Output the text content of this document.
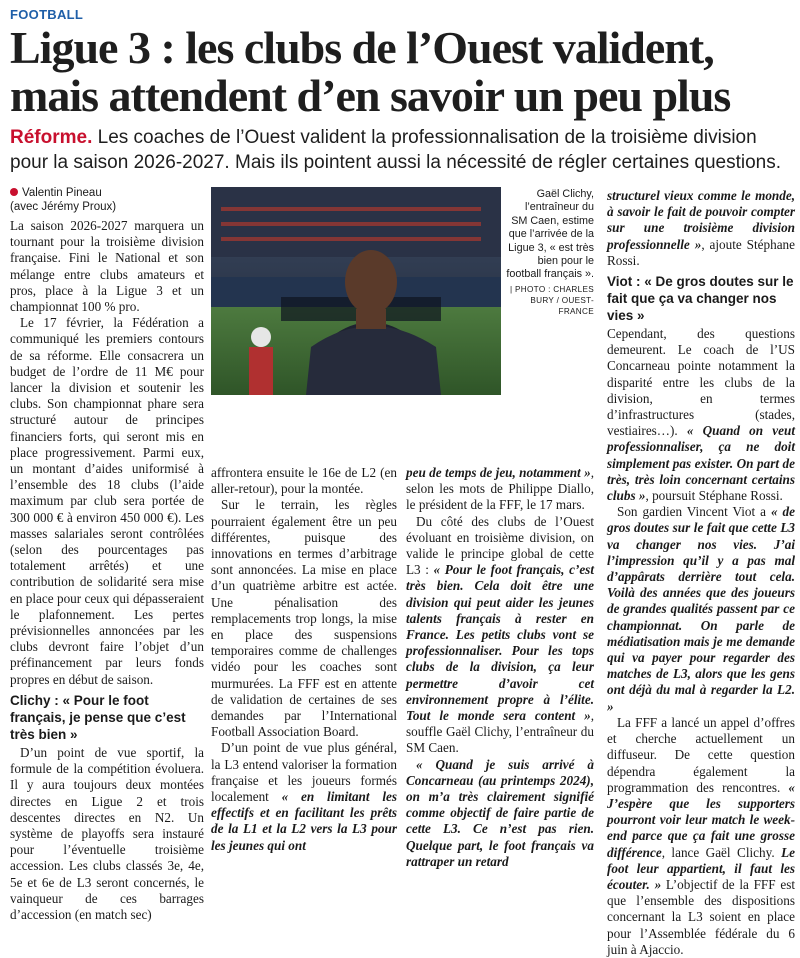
FOOTBALL
Ligue 3 : les clubs de l’Ouest valident,
mais attendent d’en savoir un peu plus
Réforme. Les coaches de l’Ouest valident la professionnalisation de la troisième division pour la saison 2026-2027. Mais ils pointent aussi la nécessité de régler certaines questions.
Valentin Pineau
(avec Jérémy Proux)

La saison 2026-2027 marquera un tournant pour la troisième division française. Fini le National et son mélange entre clubs amateurs et pros, place à la Ligue 3 et un championnat 100 % pro.

Le 17 février, la Fédération a communiqué les premiers contours de sa réforme. Elle consacrera un budget de l’ordre de 11 M€ pour lancer la division et soutenir les clubs. Son championnat phare sera structuré autour de principes financiers forts, qui seront mis en place progressivement. Parmi eux, un montant d’aides uniformisé à l’ensemble des 18 clubs (l’aide maximum par club sera portée de 300 000 € à environ 450 000 €). Les masses salariales seront contrôlées (selon des pourcentages pas totalement arrêtés) et une contribution de solidarité sera mise en place pour ceux qui dépasseraient le plafonnement. Les pertes prévisionnelles annoncées par les clubs devront faire l’objet d’un préfinancement par leurs fonds propres en début de saison.

Clichy : « Pour le foot français, je pense que c’est très bien »

D’un point de vue sportif, la formule de la compétition évoluera. Il y aura toujours deux montées directes en Ligue 2 et trois descentes directes en N2. Un système de playoffs sera instauré pour l’éventuelle troisième accession. Les clubs classés 3e, 4e, 5e et 6e de L3 seront concernés, le vainqueur de ces barrages d’accession (en match sec)

Gaël Clichy, l’entraîneur du SM Caen, estime que l’arrivée de la Ligue 3, « est très bien pour le football français ».
| PHOTO : CHARLES BURY / OUEST-FRANCE

affrontera ensuite le 16e de L2 (en aller-retour), pour la montée.

Sur le terrain, les règles pourraient également être un peu différentes, puisque des innovations en termes d’arbitrage sont annoncées. La mise en place d’un quatrième arbitre est actée. Une pénalisation des remplacements trop longs, la mise en place des suspensions temporaires comme de challenges vidéo pour les coaches sont murmurées. La FFF est en attente de validation de certaines de ses demandes par l’International Football Association Board.

D’un point de vue plus général, la L3 entend valoriser la formation française et les joueurs formés localement « en limitant les effectifs et en facilitant les prêts de la L1 et la L2 vers la L3 pour les jeunes qui ont

peu de temps de jeu, notamment », selon les mots de Philippe Diallo, le président de la FFF, le 17 mars.

Du côté des clubs de l’Ouest évoluant en troisième division, on valide le principe global de cette L3 : « Pour le foot français, c’est très bien. Cela doit être une division qui peut aider les jeunes talents français à rester en France. Les petits clubs vont se professionnaliser. Pour les tops clubs de la division, ça leur permettre d’avoir cet environnement propre à l’élite. Tout le monde sera content », souffle Gaël Clichy, l’entraîneur du SM Caen.

« Quand je suis arrivé à Concarneau (au printemps 2024), on m’a très clairement signifié comme objectif de faire partie de cette L3. Ce n’est pas rien. Quelque part, le foot français va rattraper un retard

structurel vieux comme le monde, à savoir le fait de pouvoir compter sur une troisième division professionnelle », ajoute Stéphane Rossi.

Viot : « De gros doutes sur le fait que ça va changer nos vies »

Cependant, des questions demeurent. Le coach de l’US Concarneau pointe notamment la disparité entre les clubs de la division, en termes d’infrastructures (stades, vestiaires…). « Quand on veut professionnaliser, ça ne doit simplement pas exister. On part de très, très loin concernant certains clubs », poursuit Stéphane Rossi.

Son gardien Vincent Viot a « de gros doutes sur le fait que cette L3 va changer nos vies. J’ai l’impression qu’il y a pas mal d’appârats derrière tout cela. Voilà des années que des joueurs de grandes qualités passent par ce championnat. On parle de médiatisation mais je me demande qui va payer pour regarder des matches de L3, alors que les gens ont déjà du mal à regarder la L2. »

La FFF a lancé un appel d’offres et cherche actuellement un diffuseur. De cette question dépendra également la programmation des rencontres. « J’espère que les supporters pourront voir leur match le week-end parce que ça fait une grosse différence, lance Gaël Clichy. Le foot leur appartient, il faut les écouter. » L’objectif de la FFF est que l’ensemble des dispositions concernant la L3 soient en place pour l’Assemblée fédérale du 6 juin à Ajaccio.
